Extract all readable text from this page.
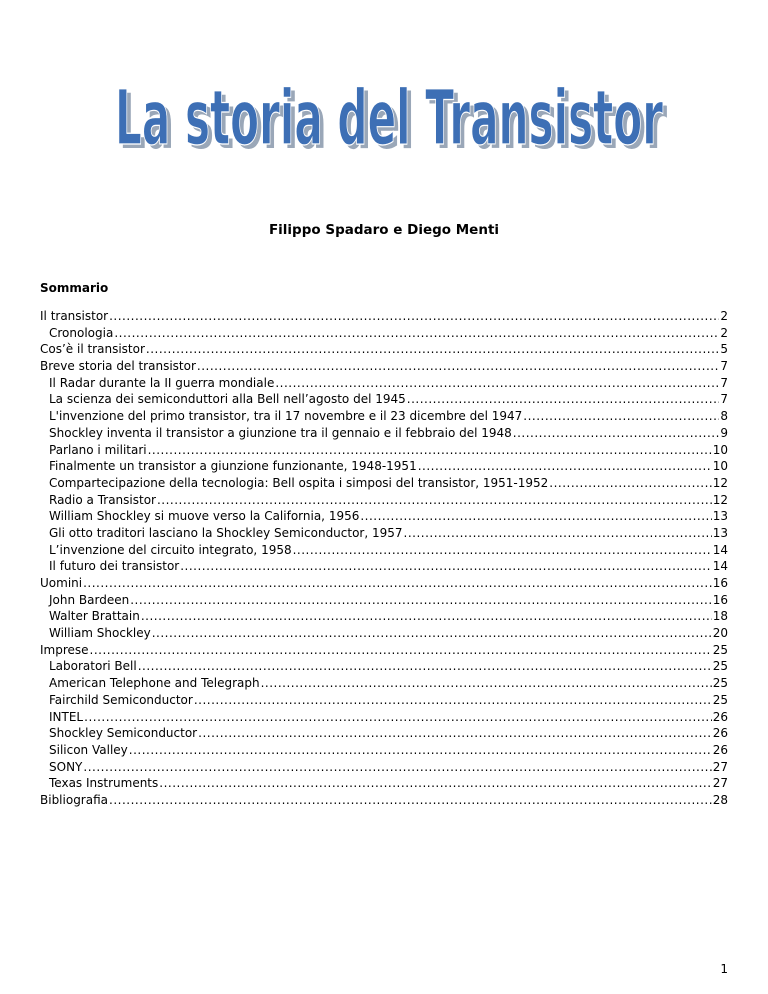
La storia del Transistor
La storia del Transistor
Filippo Spadaro e Diego Menti
Sommario
Il transistor .....	2
Cronologia .....	2
Cos’è il transistor .....	5
Breve storia del transistor .....	7
Il Radar durante la II guerra mondiale .....	7
La scienza dei semiconduttori alla Bell nell’agosto del 1945 .....	7
L'invenzione del primo transistor, tra il 17 novembre e il 23 dicembre del 1947 .....	8
Shockley inventa il transistor a giunzione tra il gennaio e il febbraio del 1948 .....	9
Parlano i militari .....	10
Finalmente un transistor a giunzione funzionante, 1948-1951 .....	10
Compartecipazione della tecnologia: Bell ospita i simposi del transistor, 1951-1952 .....	12
Radio a Transistor .....	12
William Shockley si muove verso la California, 1956 .....	13
Gli otto traditori lasciano la Shockley Semiconductor, 1957 .....	13
L’invenzione del circuito integrato, 1958 .....	14
Il futuro dei transistor .....	14
Uomini .....	16
John Bardeen .....	16
Walter Brattain .....	18
William Shockley .....	20
Imprese .....	25
Laboratori Bell .....	25
American Telephone and Telegraph .....	25
Fairchild Semiconductor .....	25
INTEL .....	26
Shockley Semiconductor .....	26
Silicon Valley .....	26
SONY .....	27
Texas Instruments .....	27
Bibliografia .....	28
1
